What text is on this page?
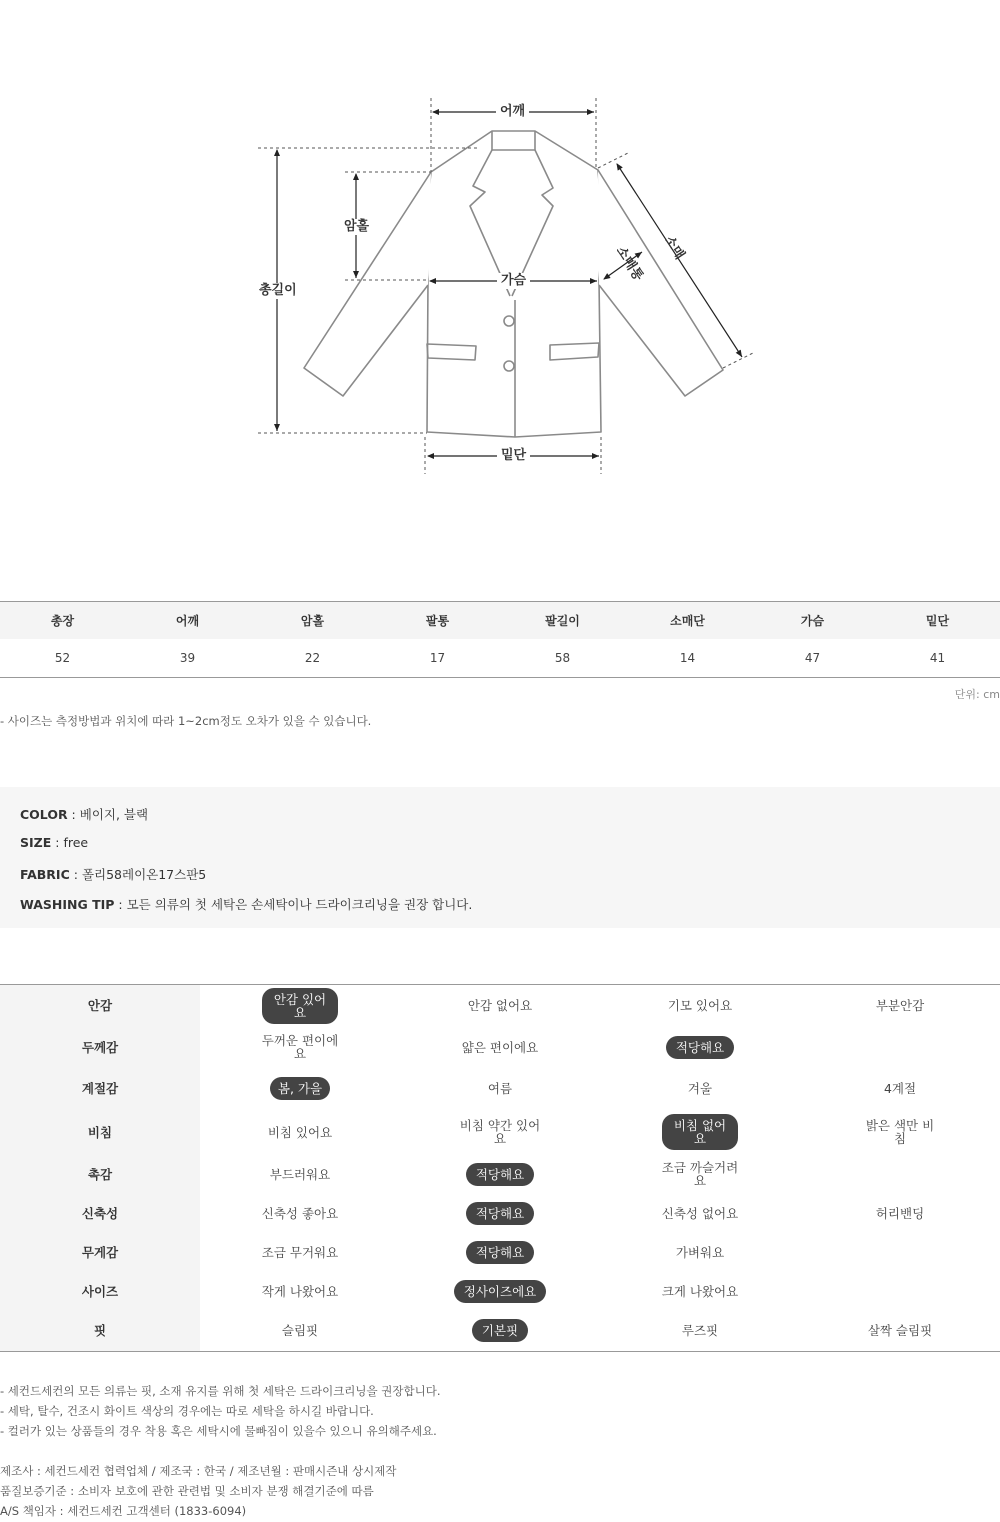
어깨
암홀
총길이
가슴
밑단
소매
소매통
총장	어깨	암홀	팔통	팔길이	소매단	가슴	밑단
52	39	22	17	58	14	47	41
단위: cm
- 사이즈는 측정방법과 위치에 따라 1~2cm정도 오차가 있을 수 있습니다.
COLOR : 베이지, 블랙
SIZE : free
FABRIC : 폴리58레이온17스판5
WASHING TIP : 모든 의류의 첫 세탁은 손세탁이나 드라이크리닝을 권장 합니다.
안감	안감 있어요	안감 없어요	기모 있어요	부분안감
두께감	두꺼운 편이에요	얇은 편이에요	적당해요	
계절감	봄, 가을	여름	겨울	4계절
비침	비침 있어요	비침 약간 있어요	비침 없어요	밝은 색만 비침
촉감	부드러워요	적당해요	조금 까슬거려요	
신축성	신축성 좋아요	적당해요	신축성 없어요	허리밴딩
무게감	조금 무거워요	적당해요	가벼워요	
사이즈	작게 나왔어요	정사이즈에요	크게 나왔어요	
핏	슬림핏	기본핏	루즈핏	살짝 슬림핏
- 세컨드세컨의 모든 의류는 핏, 소재 유지를 위해 첫 세탁은 드라이크리닝을 권장합니다.
- 세탁, 탈수, 건조시 화이트 색상의 경우에는 따로 세탁을 하시길 바랍니다.
- 컬러가 있는 상품들의 경우 착용 혹은 세탁시에 물빠짐이 있을수 있으니 유의해주세요.
제조사 : 세컨드세컨 협력업체 / 제조국 : 한국 / 제조년월 : 판매시즌내 상시제작
품질보증기준 : 소비자 보호에 관한 관련법 및 소비자 분쟁 해결기준에 따름
A/S 책임자 : 세컨드세컨 고객센터 (1833-6094)
